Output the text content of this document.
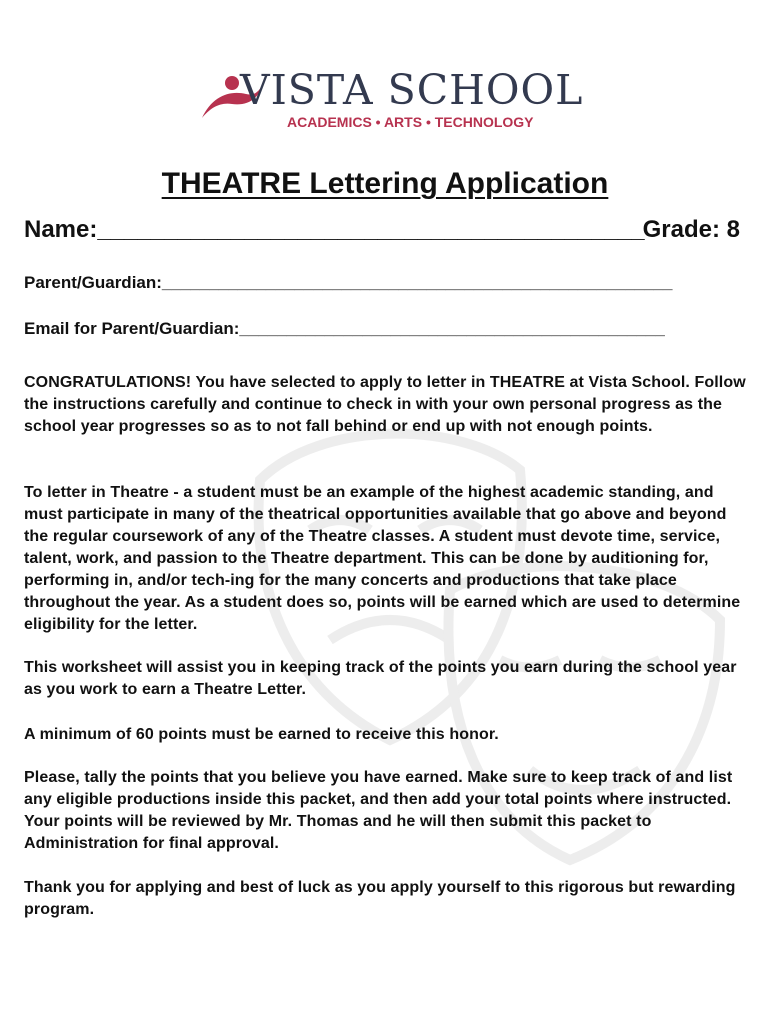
VISTA SCHOOL
ACADEMICS • ARTS • TECHNOLOGY
THEATRE Lettering Application
Name:_________________________________________
Grade: 8
Parent/Guardian:______________________________________________________
Email for Parent/Guardian:_____________________________________________

CONGRATULATIONS! You have selected to apply to letter in THEATRE at Vista School. Follow the instructions carefully and continue to check in with your own personal progress as the school year progresses so as to not fall behind or end up with not enough points.

To letter in Theatre - a student must be an example of the highest academic standing, and must participate in many of the theatrical opportunities available that go above and beyond the regular coursework of any of the Theatre classes. A student must devote time, service, talent, work, and passion to the Theatre department. This can be done by auditioning for, performing in, and/or tech-ing for the many concerts and productions that take place throughout the year. As a student does so, points will be earned which are used to determine eligibility for the letter.

This worksheet will assist you in keeping track of the points you earn during the school year as you work to earn a Theatre Letter.

A minimum of 60 points must be earned to receive this honor.

Please, tally the points that you believe you have earned. Make sure to keep track of and list any eligible productions inside this packet, and then add your total points where instructed. Your points will be reviewed by Mr. Thomas and he will then submit this packet to Administration for final approval.

Thank you for applying and best of luck as you apply yourself to this rigorous but rewarding program.
